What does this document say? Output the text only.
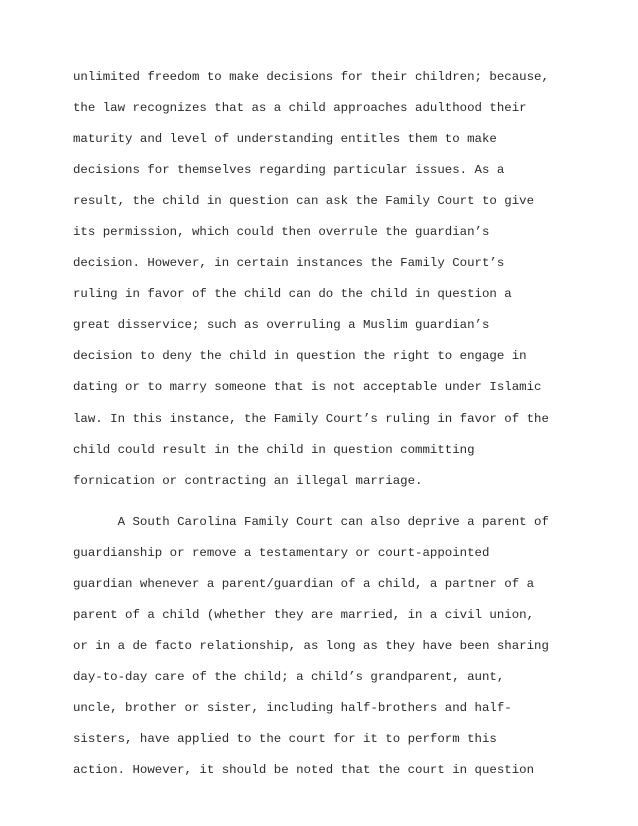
unlimited freedom to make decisions for their children; because,
the law recognizes that as a child approaches adulthood their
maturity and level of understanding entitles them to make
decisions for themselves regarding particular issues. As a
result, the child in question can ask the Family Court to give
its permission, which could then overrule the guardian’s
decision. However, in certain instances the Family Court’s
ruling in favor of the child can do the child in question a
great disservice; such as overruling a Muslim guardian’s
decision to deny the child in question the right to engage in
dating or to marry someone that is not acceptable under Islamic
law. In this instance, the Family Court’s ruling in favor of the
child could result in the child in question committing
fornication or contracting an illegal marriage.
A South Carolina Family Court can also deprive a parent of
guardianship or remove a testamentary or court-appointed
guardian whenever a parent/guardian of a child, a partner of a
parent of a child (whether they are married, in a civil union,
or in a de facto relationship, as long as they have been sharing
day-to-day care of the child; a child’s grandparent, aunt,
uncle, brother or sister, including half-brothers and half-
sisters, have applied to the court for it to perform this
action. However, it should be noted that the court in question
